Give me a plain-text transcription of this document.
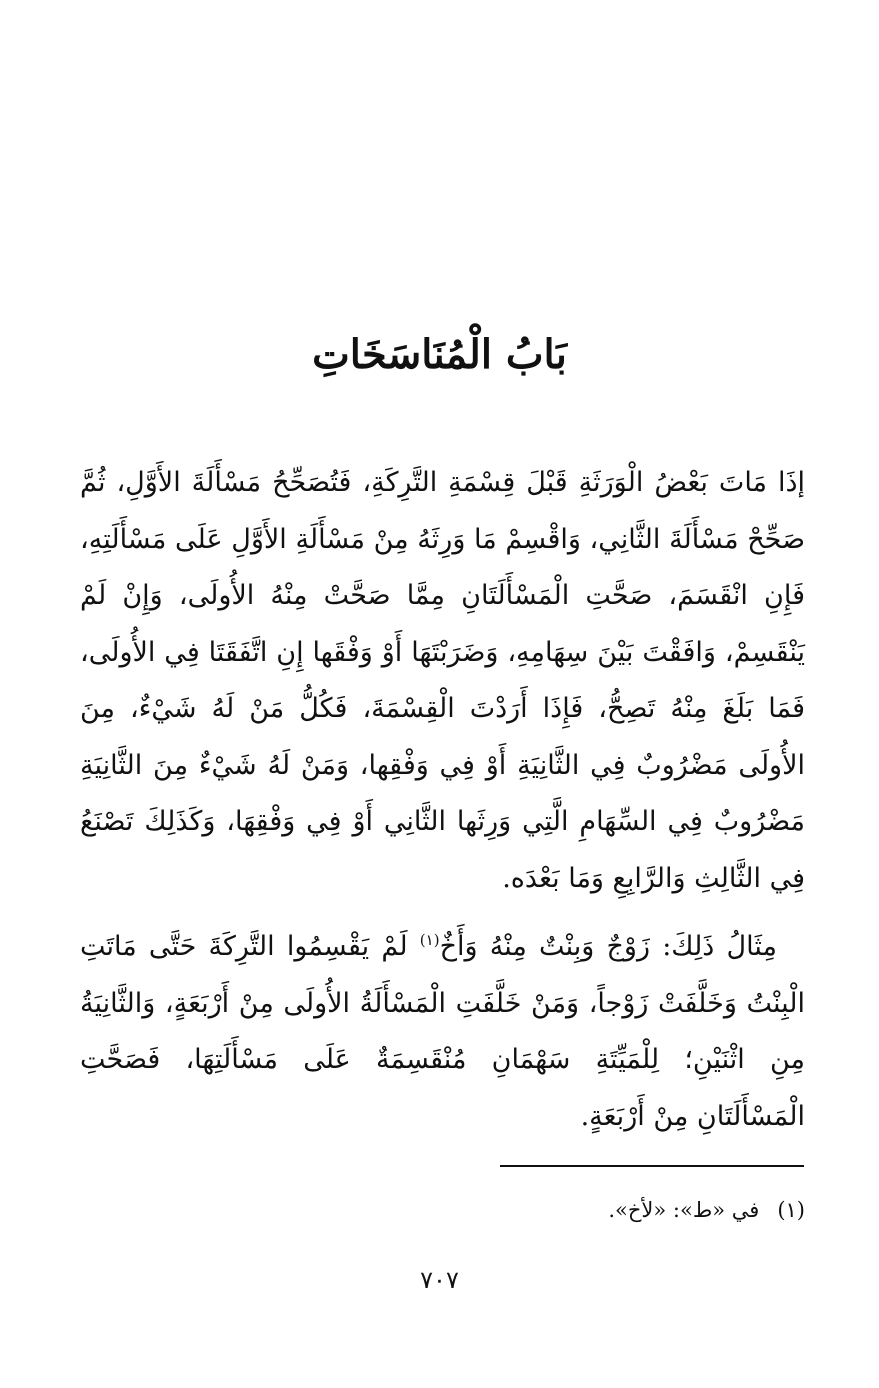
بَابُ الْمُنَاسَخَاتِ

إذَا مَاتَ بَعْضُ الْوَرَثَةِ قَبْلَ قِسْمَةِ التَّرِكَةِ، فَتُصَحِّحُ مَسْأَلَةَ الأَوَّلِ، ثُمَّ صَحِّحْ مَسْأَلَةَ الثَّانِي، وَاقْسِمْ مَا وَرِثَهُ مِنْ مَسْأَلَةِ الأَوَّلِ عَلَى مَسْأَلَتِهِ، فَإِنِ انْقَسَمَ، صَحَّتِ الْمَسْأَلَتَانِ مِمَّا صَحَّتْ مِنْهُ الأُولَى، وَإِنْ لَمْ يَنْقَسِمْ، وَافَقْتَ بَيْنَ سِهَامِهِ، وَضَرَبْتَهَا أَوْ وَفْقَها إِنِ اتَّفَقَتَا فِي الأُولَى، فَمَا بَلَغَ مِنْهُ تَصِحُّ، فَإِذَا أَرَدْتَ الْقِسْمَةَ، فَكُلُّ مَنْ لَهُ شَيْءٌ، مِنَ الأُولَى مَضْرُوبٌ فِي الثَّانِيَةِ أَوْ فِي وَفْقِها، وَمَنْ لَهُ شَيْءٌ مِنَ الثَّانِيَةِ مَضْرُوبٌ فِي السِّهَامِ الَّتِي وَرِثَها الثَّانِي أَوْ فِي وَفْقِهَا، وَكَذَلِكَ تَصْنَعُ فِي الثَّالِثِ وَالرَّابِعِ وَمَا بَعْدَه.

مِثَالُ ذَلِكَ: زَوْجٌ وَبِنْتٌ مِنْهُ وَأَخٌ$^{(١)}$ لَمْ يَقْسِمُوا التَّرِكَةَ حَتَّى مَاتَتِ الْبِنْتُ وَخَلَّفَتْ زَوْجاً، وَمَنْ خَلَّفَتِ الْمَسْأَلَةُ الأُولَى مِنْ أَرْبَعَةٍ، وَالثَّانِيَةُ مِنِ اثْنَيْنِ؛ لِلْمَيِّتَةِ سَهْمَانِ مُنْقَسِمَةٌ عَلَى مَسْأَلَتِهَا، فَصَحَّتِ الْمَسْأَلَتَانِ مِنْ أَرْبَعَةٍ.

(١)في «ط»: «لأخ».
٧٠٧
